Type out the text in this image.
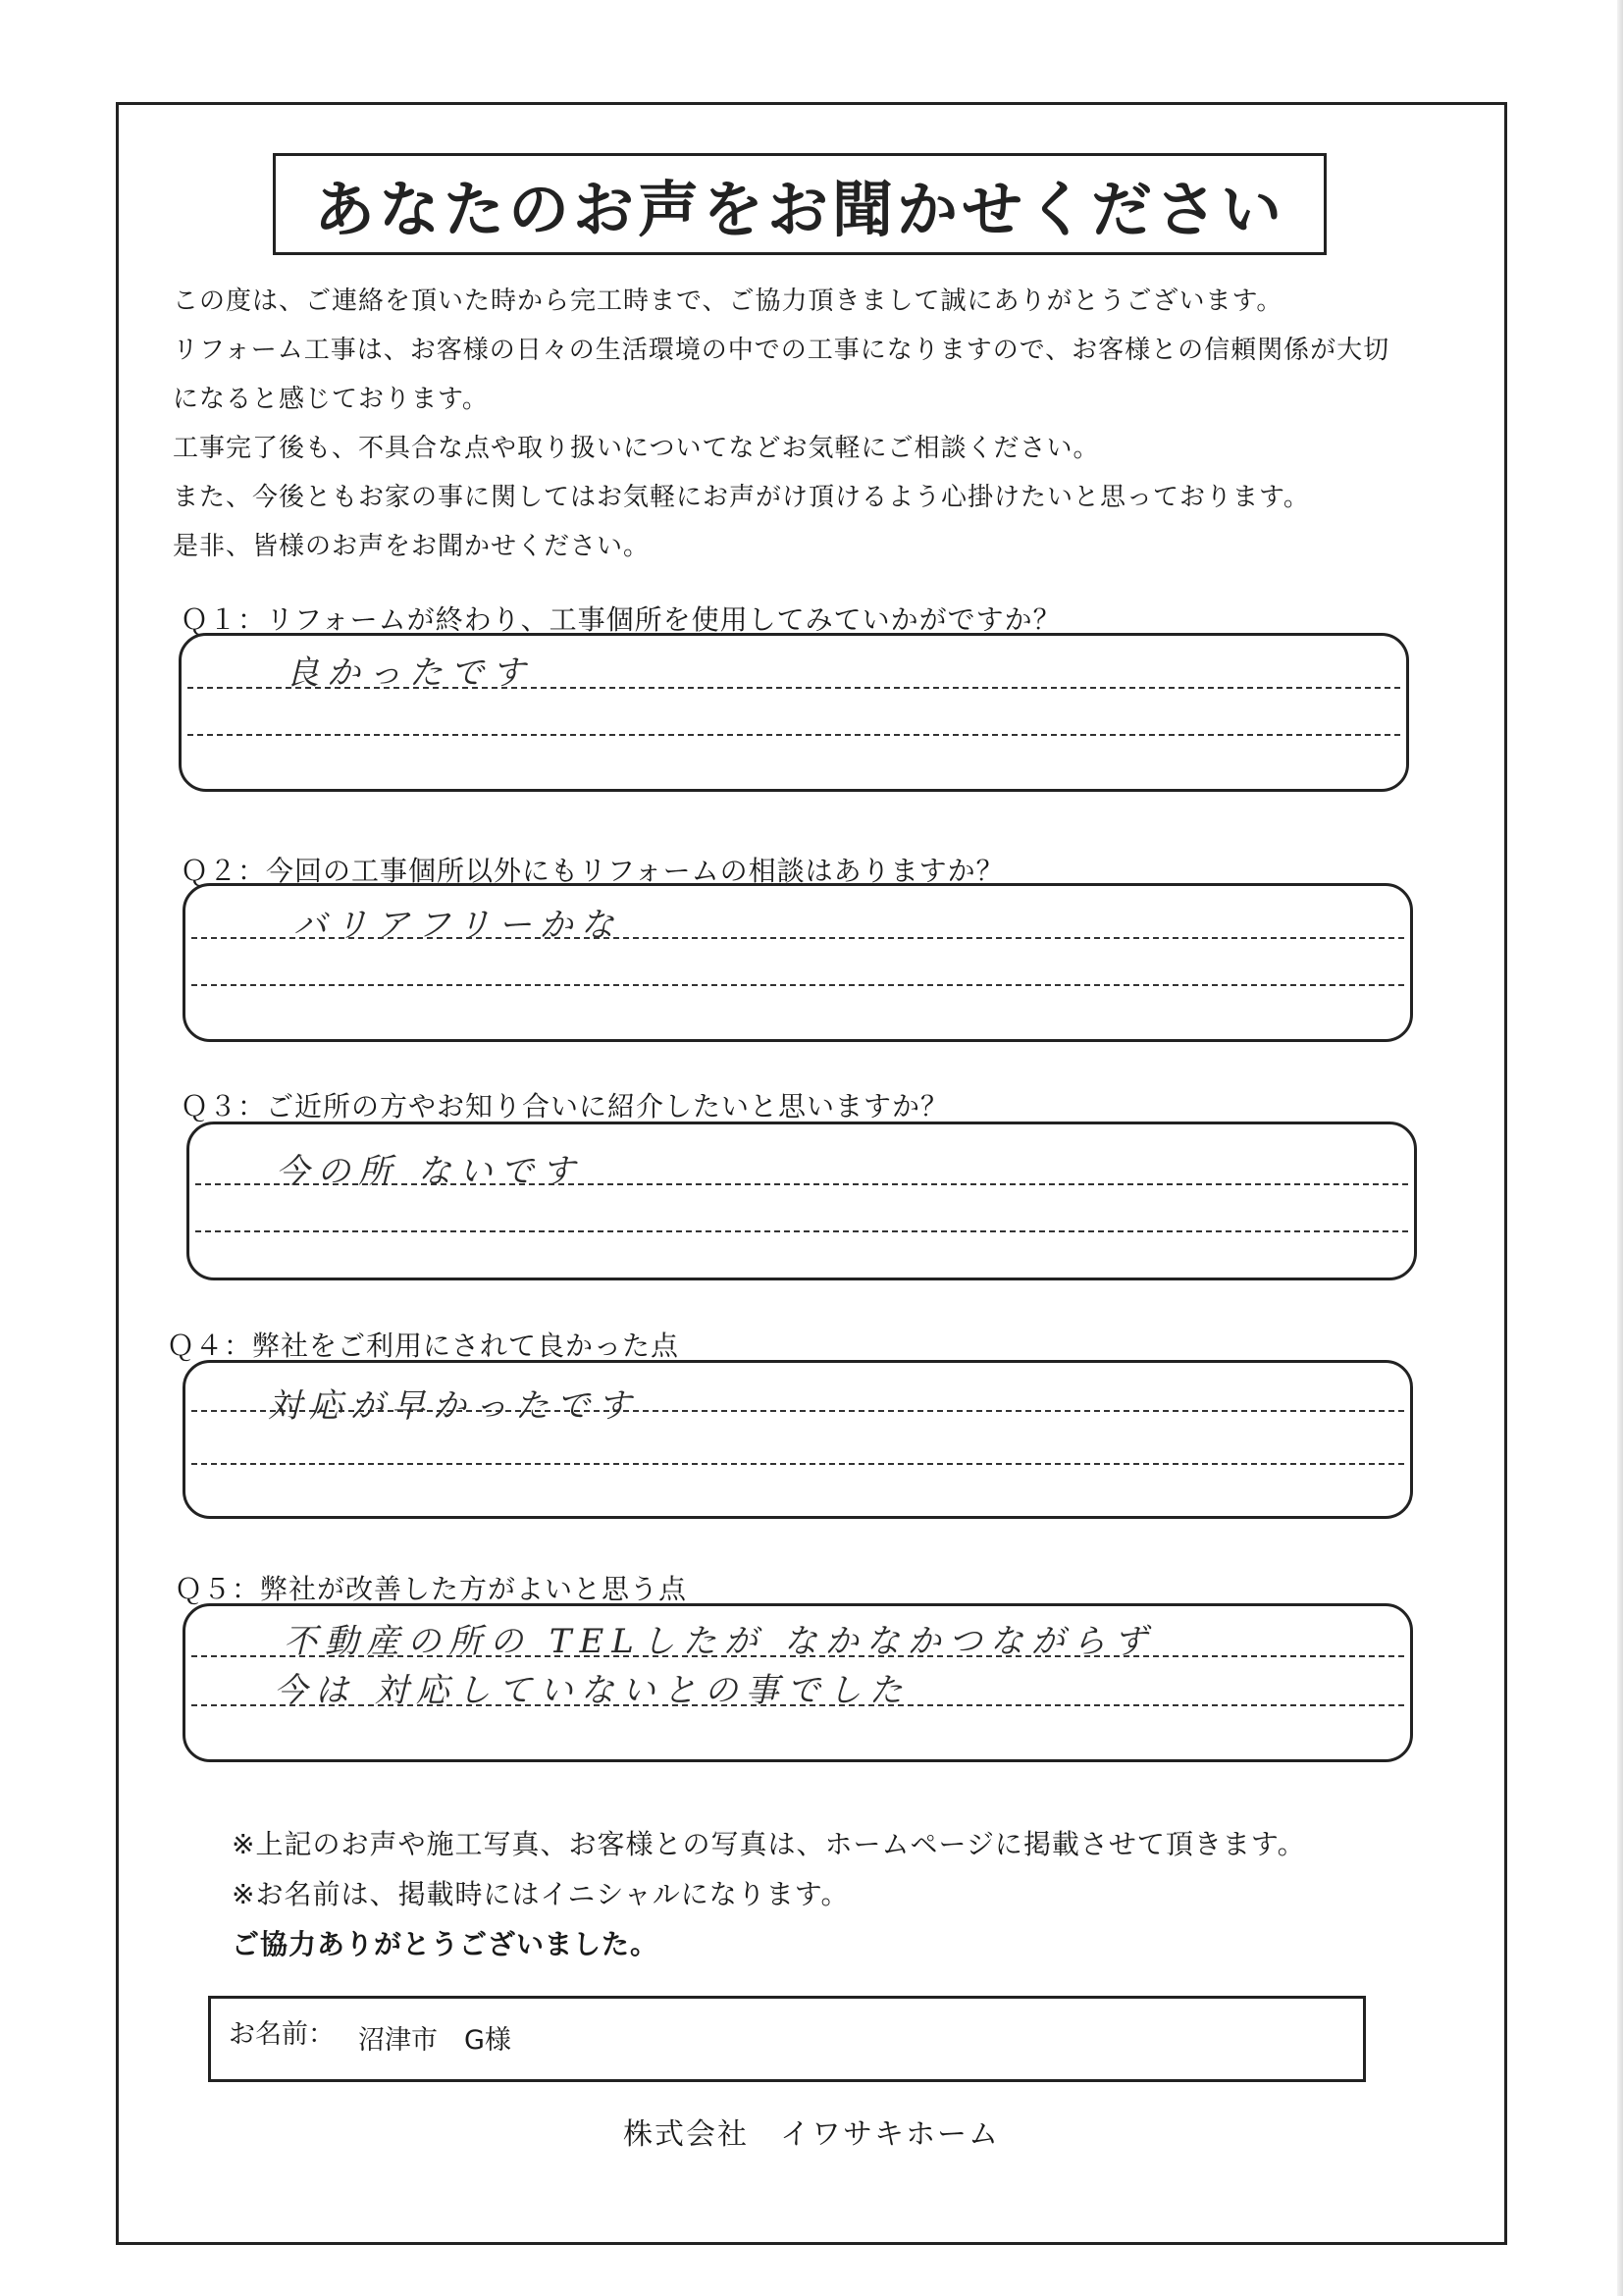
あなたのお声をお聞かせください

この度は、ご連絡を頂いた時から完工時まで、ご協力頂きまして誠にありがとうございます。

リフォーム工事は、お客様の日々の生活環境の中での工事になりますので、お客様との信頼関係が大切

になると感じております。

工事完了後も、不具合な点や取り扱いについてなどお気軽にご相談ください。

また、今後ともお家の事に関してはお気軽にお声がけ頂けるよう心掛けたいと思っております。

是非、皆様のお声をお聞かせください。

Ｑ１：リフォームが終わり、工事個所を使用してみていかがですか？
良かったです
Ｑ２：今回の工事個所以外にもリフォームの相談はありますか？
バリアフリーかな
Ｑ３：ご近所の方やお知り合いに紹介したいと思いますか？
今の所 ないです
Ｑ４：弊社をご利用にされて良かった点
対応が早かったです
Ｑ５：弊社が改善した方がよいと思う点
不動産の所の TELしたが なかなかつながらず
今は 対応していないとの事でした

※上記のお声や施工写真、お客様との写真は、ホームページに掲載させて頂きます。

※お名前は、掲載時にはイニシャルになります。

ご協力ありがとうございました。

お名前： 沼津市　G様
株式会社　イワサキホーム
